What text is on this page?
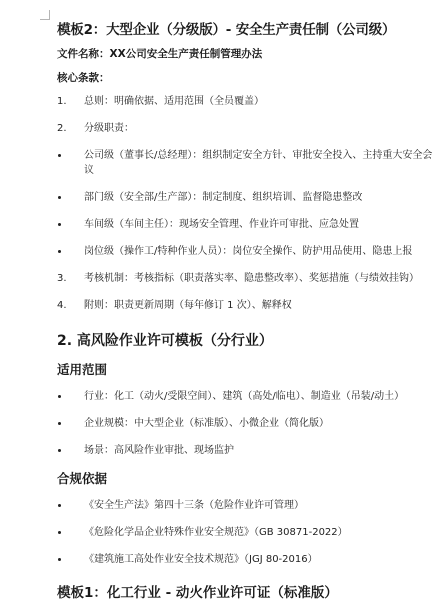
模板2：大型企业（分级版）- 安全生产责任制（公司级）
文件名称：XX公司安全生产责任制管理办法
核心条款：
1.	总则：明确依据、适用范围（全员覆盖）
2.	分级职责：
公司级（董事长/总经理）：组织制定安全方针、审批安全投入、主持重大安全会议
部门级（安全部/生产部）：制定制度、组织培训、监督隐患整改
车间级（车间主任）：现场安全管理、作业许可审批、应急处置
岗位级（操作工/特种作业人员）：岗位安全操作、防护用品使用、隐患上报
3.	考核机制：考核指标（职责落实率、隐患整改率）、奖惩措施（与绩效挂钩）
4.	附则：职责更新周期（每年修订 1 次）、解释权
2. 高风险作业许可模板（分行业）
适用范围
行业：化工（动火/受限空间）、建筑（高处/临电）、制造业（吊装/动土）
企业规模：中大型企业（标准版）、小微企业（简化版）
场景：高风险作业审批、现场监护
合规依据
《安全生产法》第四十三条（危险作业许可管理）
《危险化学品企业特殊作业安全规范》（GB 30871-2022）
《建筑施工高处作业安全技术规范》（JGJ 80-2016）
模板1：化工行业 - 动火作业许可证（标准版）
